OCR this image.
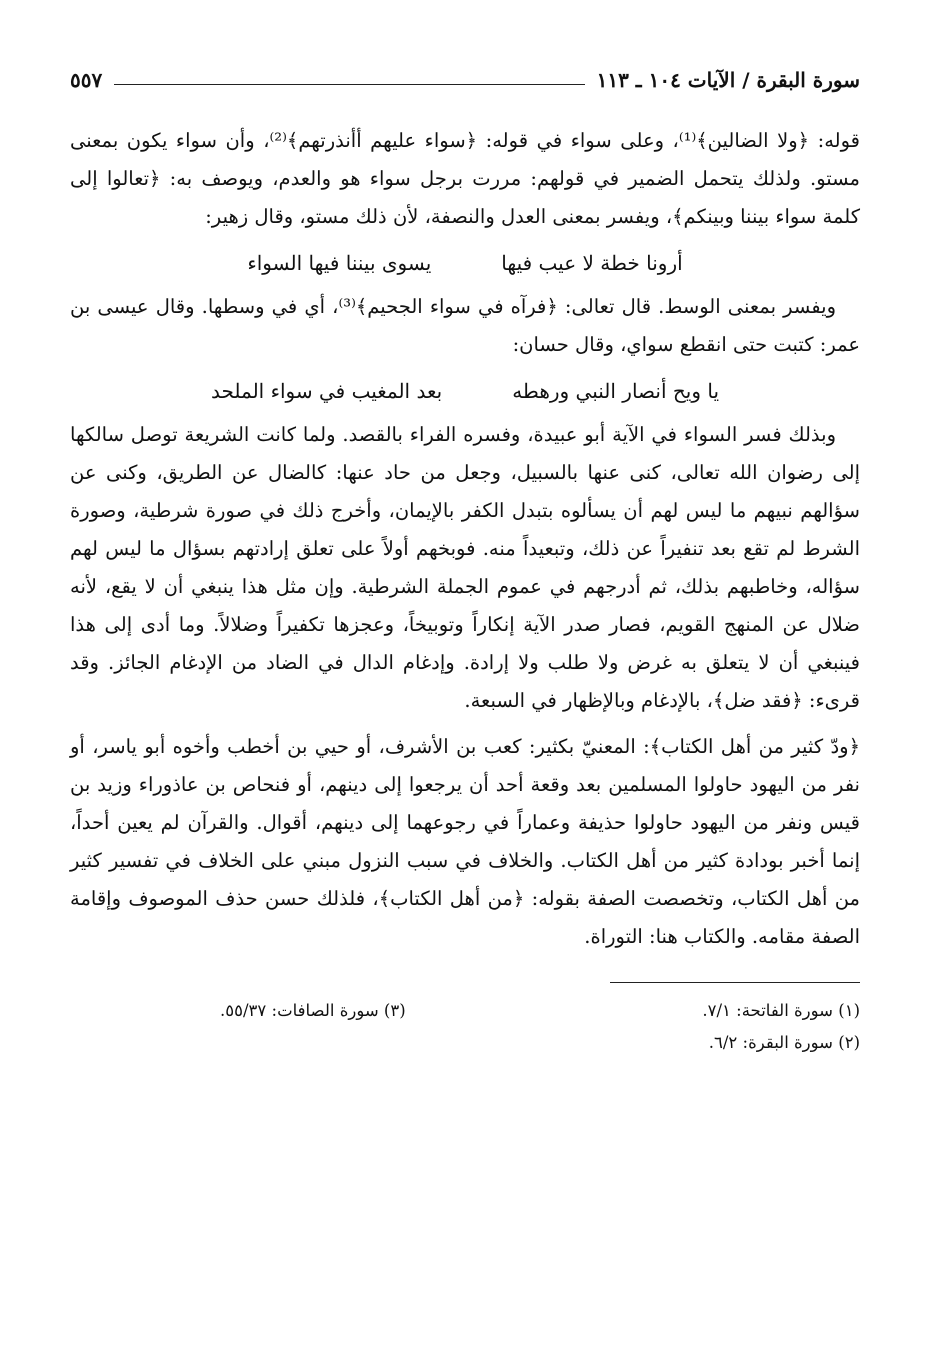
سورة البقرة / الآيات ١٠٤ ـ ١١٣
٥٥٧

قوله: ﴿ولا الضالين﴾⁽¹⁾، وعلى سواء في قوله: ﴿سواء عليهم أأنذرتهم﴾⁽²⁾، وأن سواء يكون بمعنى مستو. ولذلك يتحمل الضمير في قولهم: مررت برجل سواء هو والعدم، ويوصف به: ﴿تعالوا إلى كلمة سواء بيننا وبينكم﴾، ويفسر بمعنى العدل والنصفة، لأن ذلك مستو، وقال زهير:

أرونا خطة لا عيب فيها
يسوى بيننا فيها السواء

ويفسر بمعنى الوسط. قال تعالى: ﴿فرآه في سواء الجحيم﴾⁽³⁾، أي في وسطها. وقال عيسى بن عمر: كتبت حتى انقطع سواي، وقال حسان:

يا ويح أنصار النبي ورهطه
بعد المغيب في سواء الملحد

وبذلك فسر السواء في الآية أبو عبيدة، وفسره الفراء بالقصد. ولما كانت الشريعة توصل سالكها إلى رضوان الله تعالى، كنى عنها بالسبيل، وجعل من حاد عنها: كالضال عن الطريق، وكنى عن سؤالهم نبيهم ما ليس لهم أن يسألوه بتبدل الكفر بالإيمان، وأخرج ذلك في صورة شرطية، وصورة الشرط لم تقع بعد تنفيراً عن ذلك، وتبعيداً منه. فوبخهم أولاً على تعلق إرادتهم بسؤال ما ليس لهم سؤاله، وخاطبهم بذلك، ثم أدرجهم في عموم الجملة الشرطية. وإن مثل هذا ينبغي أن لا يقع، لأنه ضلال عن المنهج القويم، فصار صدر الآية إنكاراً وتوبيخاً، وعجزها تكفيراً وضلالاً. وما أدى إلى هذا فينبغي أن لا يتعلق به غرض ولا طلب ولا إرادة. وإدغام الدال في الضاد من الإدغام الجائز. وقد قرىء: ﴿فقد ضل﴾، بالإدغام وبالإظهار في السبعة.

﴿ودّ كثير من أهل الكتاب﴾: المعنيّ بكثير: كعب بن الأشرف، أو حيي بن أخطب وأخوه أبو ياسر، أو نفر من اليهود حاولوا المسلمين بعد وقعة أحد أن يرجعوا إلى دينهم، أو فنحاص بن عاذوراء وزيد بن قيس ونفر من اليهود حاولوا حذيفة وعماراً في رجوعهما إلى دينهم، أقوال. والقرآن لم يعين أحداً، إنما أخبر بودادة كثير من أهل الكتاب. والخلاف في سبب النزول مبني على الخلاف في تفسير كثير من أهل الكتاب، وتخصصت الصفة بقوله: ﴿من أهل الكتاب﴾، فلذلك حسن حذف الموصوف وإقامة الصفة مقامه. والكتاب هنا: التوراة.

(١) سورة الفاتحة: ٧/١.
(٢) سورة البقرة: ٦/٢.
(٣) سورة الصافات: ٥٥/٣٧.
